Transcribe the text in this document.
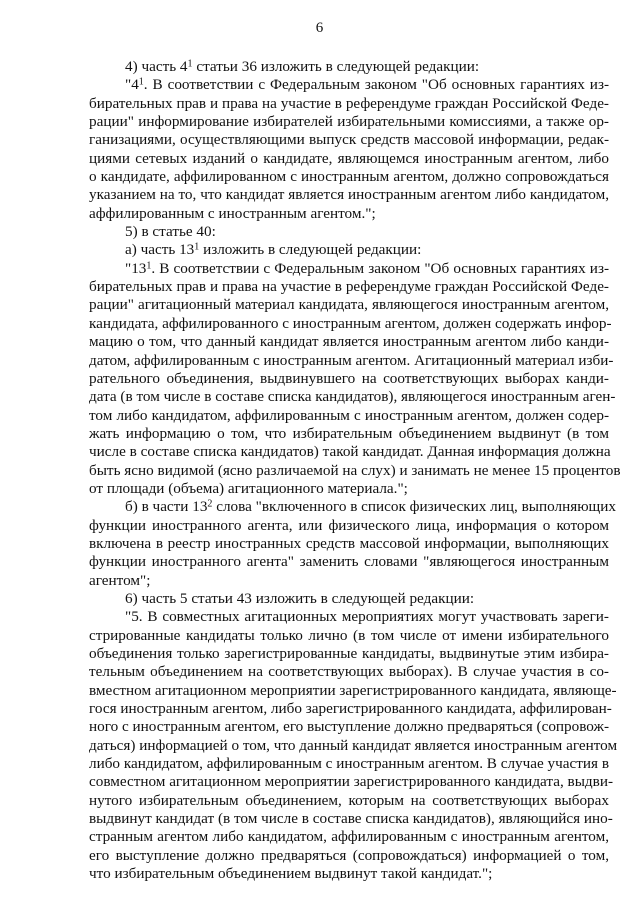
6
4) часть $4^1$ статьи 36 изложить в следующей редакции:
"$4^1$. В соответствии с Федеральным законом "Об основных гарантиях из-
бирательных прав и права на участие в референдуме граждан Российской Феде-
рации" информирование избирателей избирательными комиссиями, а также ор-
ганизациями, осуществляющими выпуск средств массовой информации, редак-
циями сетевых изданий о кандидате, являющемся иностранным агентом, либо
о кандидате, аффилированном с иностранным агентом, должно сопровождаться
указанием на то, что кандидат является иностранным агентом либо кандидатом,
аффилированным с иностранным агентом.";
5) в статье 40:
а) часть $13^1$ изложить в следующей редакции:
"$13^1$. В соответствии с Федеральным законом "Об основных гарантиях из-
бирательных прав и права на участие в референдуме граждан Российской Феде-
рации" агитационный материал кандидата, являющегося иностранным агентом,
кандидата, аффилированного с иностранным агентом, должен содержать инфор-
мацию о том, что данный кандидат является иностранным агентом либо канди-
датом, аффилированным с иностранным агентом. Агитационный материал изби-
рательного объединения, выдвинувшего на соответствующих выборах канди-
дата (в том числе в составе списка кандидатов), являющегося иностранным аген-
том либо кандидатом, аффилированным с иностранным агентом, должен содер-
жать информацию о том, что избирательным объединением выдвинут (в том
числе в составе списка кандидатов) такой кандидат. Данная информация должна
быть ясно видимой (ясно различаемой на слух) и занимать не менее 15 процентов
от площади (объема) агитационного материала.";
б) в части $13^2$ слова "включенного в список физических лиц, выполняющих
функции иностранного агента, или физического лица, информация о котором
включена в реестр иностранных средств массовой информации, выполняющих
функции иностранного агента" заменить словами "являющегося иностранным
агентом";
6) часть 5 статьи 43 изложить в следующей редакции:
"5. В совместных агитационных мероприятиях могут участвовать зареги-
стрированные кандидаты только лично (в том числе от имени избирательного
объединения только зарегистрированные кандидаты, выдвинутые этим избира-
тельным объединением на соответствующих выборах). В случае участия в со-
вместном агитационном мероприятии зарегистрированного кандидата, являюще-
гося иностранным агентом, либо зарегистрированного кандидата, аффилирован-
ного с иностранным агентом, его выступление должно предваряться (сопровож-
даться) информацией о том, что данный кандидат является иностранным агентом
либо кандидатом, аффилированным с иностранным агентом. В случае участия в
совместном агитационном мероприятии зарегистрированного кандидата, выдви-
нутого избирательным объединением, которым на соответствующих выборах
выдвинут кандидат (в том числе в составе списка кандидатов), являющийся ино-
странным агентом либо кандидатом, аффилированным с иностранным агентом,
его выступление должно предваряться (сопровождаться) информацией о том,
что избирательным объединением выдвинут такой кандидат.";
